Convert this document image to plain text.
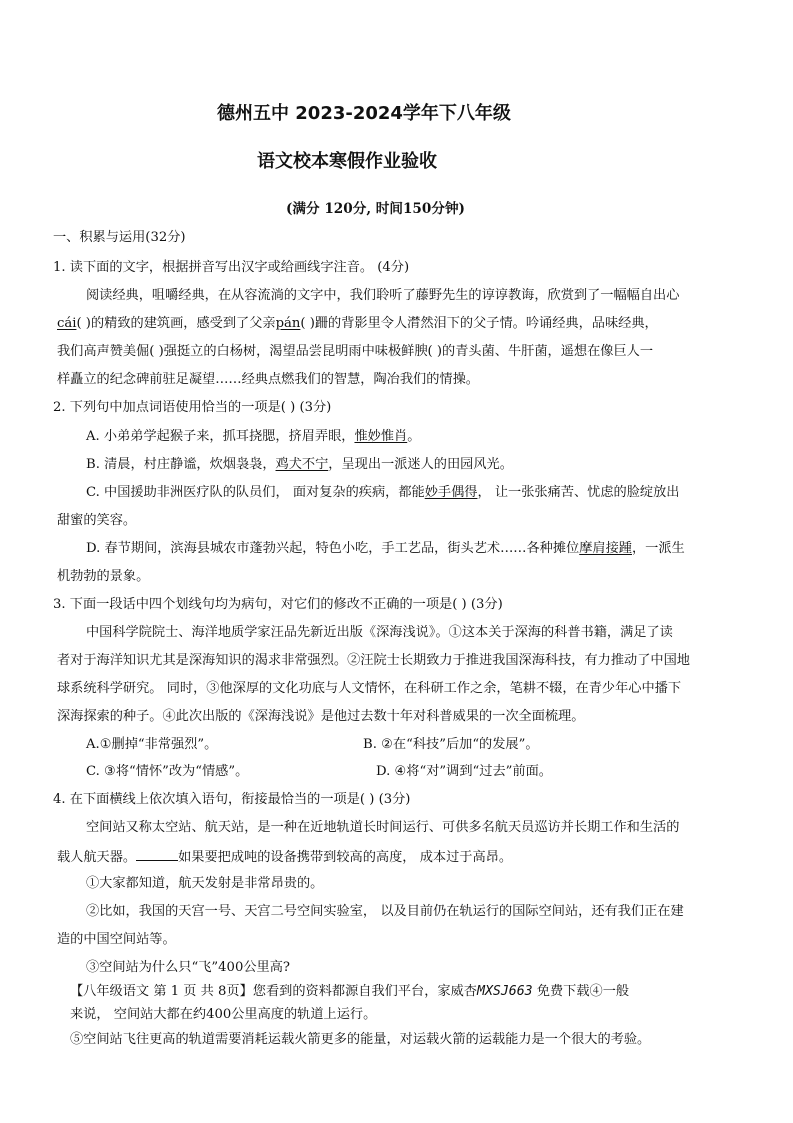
德州五中 2023-2024学年下八年级
语文校本寒假作业验收
(满分 120分, 时间150分钟)
一、积累与运用(32分)
1. 读下面的文字，根据拼音写出汉字或给画线字注音。 (4分)
阅读经典，咀嚼经典，在从容流淌的文字中，我们聆听了藤野先生的谆谆教诲，欣赏到了一幅幅自出心
cái( )的精致的建筑画，感受到了父亲pán( )跚的背影里令人潸然泪下的父子情。吟诵经典，品味经典，
我们高声赞美倔( )强挺立的白杨树，渴望品尝昆明雨中味极鲜腴( )的青头菌、牛肝菌，遥想在像巨人一
样矗立的纪念碑前驻足凝望……经典点燃我们的智慧，陶冶我们的情操。
2. 下列句中加点词语使用恰当的一项是( ) (3分)
A. 小弟弟学起猴子来，抓耳挠腮，挤眉弄眼，惟妙惟肖。
B. 清晨，村庄静谧，炊烟袅袅，鸡犬不宁，呈现出一派迷人的田园风光。
C. 中国援助非洲医疗队的队员们， 面对复杂的疾病，都能妙手偶得， 让一张张痛苦、忧虑的脸绽放出
甜蜜的笑容。
D. 春节期间，滨海县城农市蓬勃兴起，特色小吃，手工艺品，街头艺术……各种摊位摩肩接踵，一派生
机勃勃的景象。
3. 下面一段话中四个划线句均为病句，对它们的修改不正确的一项是( ) (3分)
中国科学院院士、海洋地质学家汪品先新近出版《深海浅说》。①这本关于深海的科普书籍，满足了读
者对于海洋知识尤其是深海知识的渴求非常强烈。②汪院士长期致力于推进我国深海科技，有力推动了中国地
球系统科学研究。 同时，③他深厚的文化功底与人文情怀，在科研工作之余，笔耕不辍，在青少年心中播下
深海探索的种子。④此次出版的《深海浅说》是他过去数十年对科普威果的一次全面梳理。
A.①删掉“非常强烈”。	B. ②在“科技”后加“的发展”。
C. ③将“情怀”改为“情感”。	D. ④将“对”调到“过去”前面。
4. 在下面横线上依次填入语句，衔接最恰当的一项是( ) (3分)
空间站又称太空站、航天站，是一种在近地轨道长时间运行、可供多名航天员巡访并长期工作和生活的
载人航天器。	如果要把成吨的设备携带到较高的高度， 成本过于高昂。
①大家都知道，航天发射是非常昂贵的。
②比如，我国的天宫一号、天宫二号空间实验室， 以及目前仍在轨运行的国际空间站，还有我们正在建
造的中国空间站等。
③空间站为什么只“飞”400公里高?
【八年级语文 第 1 页 共 8页】您看到的资料都源自我们平台，家威杏MXSJ663 免费下载④一般
来说， 空间站大都在约400公里高度的轨道上运行。
⑤空间站飞往更高的轨道需要消耗运载火箭更多的能量，对运载火箭的运载能力是一个很大的考验。
